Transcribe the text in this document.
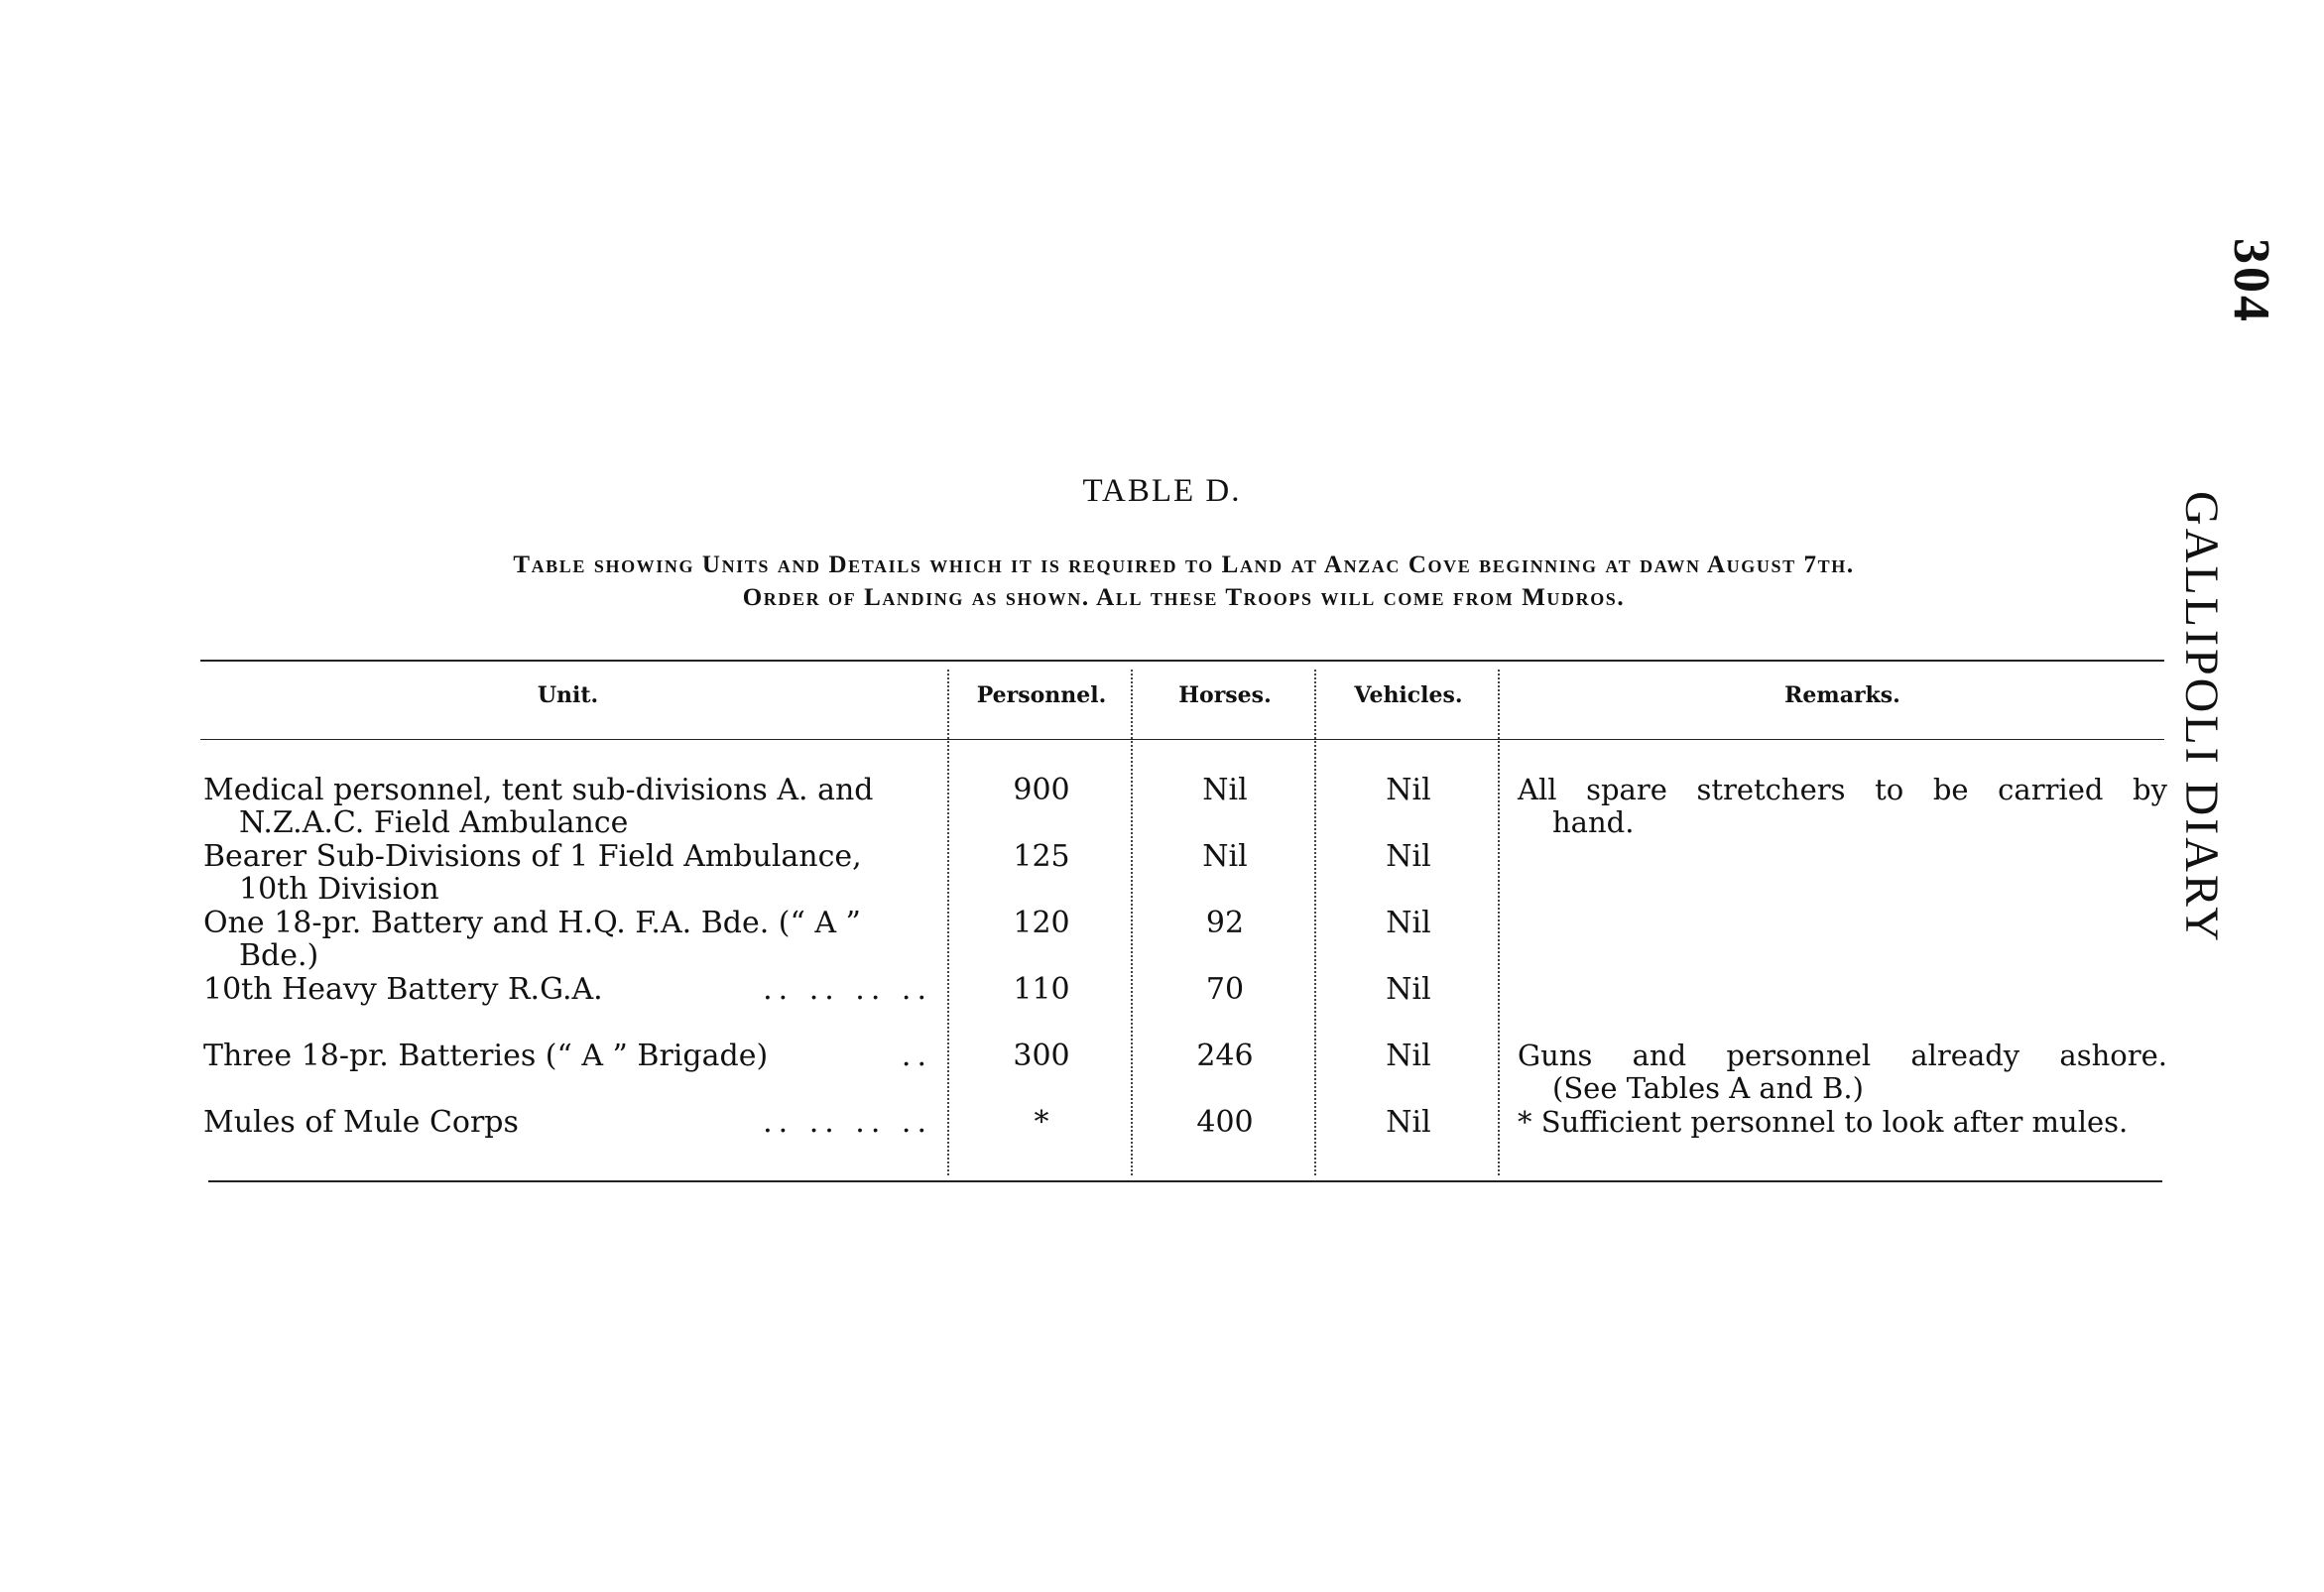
304
GALLIPOLI DIARY
TABLE D.
Table showing Units and Details which it is required to Land at Anzac Cove beginning at dawn August 7th.
Order of Landing as shown. All these Troops will come from Mudros.
Unit.	Personnel.	Horses.	Vehicles.	Remarks.
Medical personnel, tent sub-divisions A. and
N.Z.A.C. Field Ambulance
900	Nil	Nil	All spare stretchers to be carried by
hand.
Bearer Sub-Divisions of 1 Field Ambulance,
10th Division
125	Nil	Nil
One 18-pr. Battery and H.Q. F.A. Bde. (“ A ”
Bde.)
120	92	Nil
10th Heavy Battery R.G.A.	.. .. .. ..	110	70	Nil
Three 18-pr. Batteries (“ A ” Brigade)	..	300	246	Nil	Guns and personnel already ashore.
(See Tables A and B.)
Mules of Mule Corps	.. .. .. ..	*	400	Nil	* Sufficient personnel to look after mules.
